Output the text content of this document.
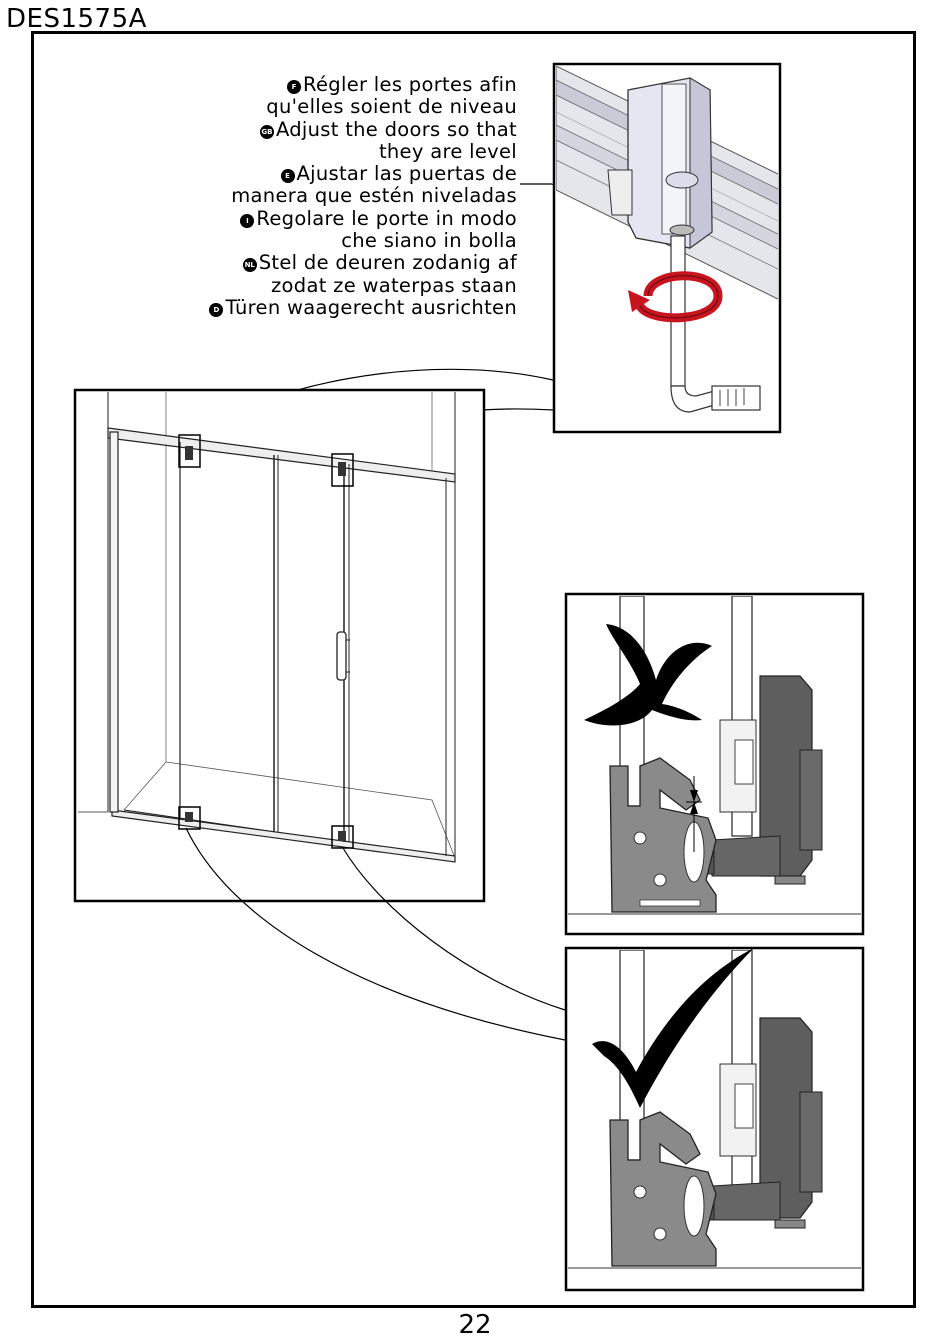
DES1575A
F Régler les portes afin
qu'elles soient de niveau
GB Adjust the doors so that
they are level
E Ajustar las puertas de
manera que estén niveladas
I Regolare le porte in modo
che siano in bolla
NL Stel de deuren zodanig af
zodat ze waterpas staan
D Türen waagerecht ausrichten
22
